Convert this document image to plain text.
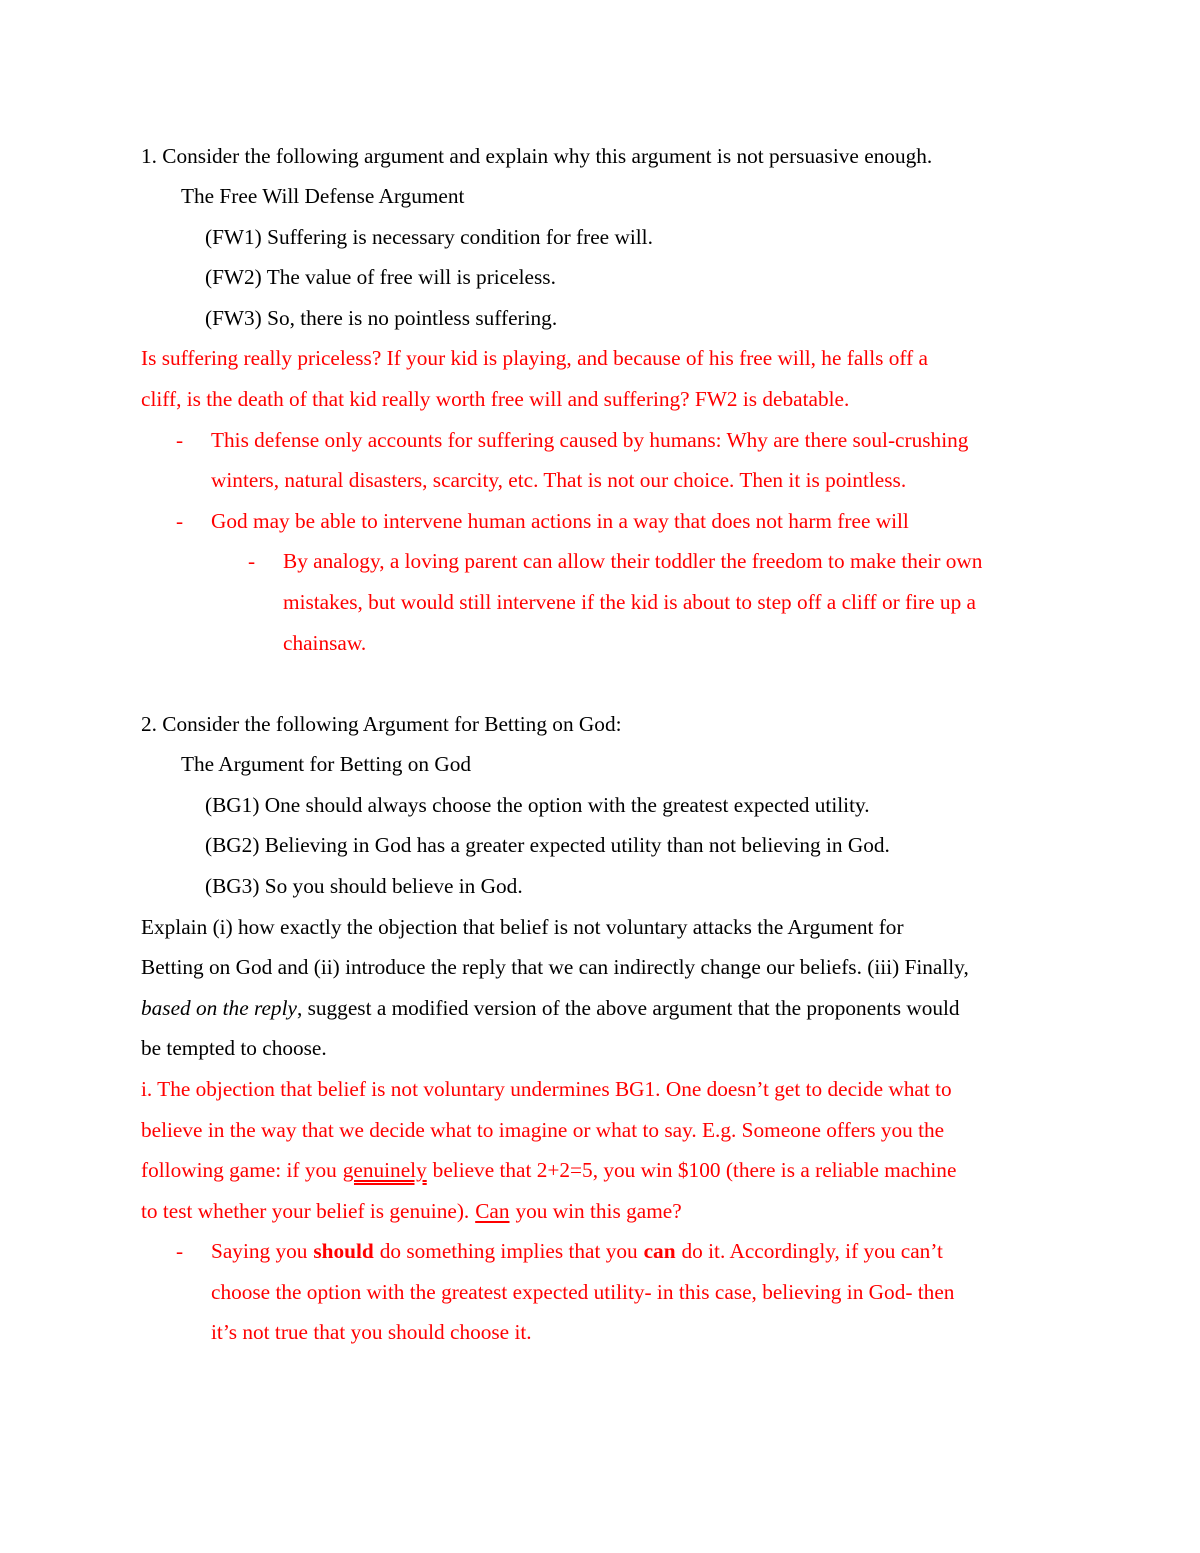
1. Consider the following argument and explain why this argument is not persuasive enough.
The Free Will Defense Argument
(FW1) Suffering is necessary condition for free will.
(FW2) The value of free will is priceless.
(FW3) So, there is no pointless suffering.
Is suffering really priceless? If your kid is playing, and because of his free will, he falls off a
cliff, is the death of that kid really worth free will and suffering? FW2 is debatable.
- This defense only accounts for suffering caused by humans: Why are there soul-crushing
winters, natural disasters, scarcity, etc. That is not our choice. Then it is pointless.
- God may be able to intervene human actions in a way that does not harm free will
- By analogy, a loving parent can allow their toddler the freedom to make their own
mistakes, but would still intervene if the kid is about to step off a cliff or fire up a
chainsaw.
2. Consider the following Argument for Betting on God:
The Argument for Betting on God
(BG1) One should always choose the option with the greatest expected utility.
(BG2) Believing in God has a greater expected utility than not believing in God.
(BG3) So you should believe in God.
Explain (i) how exactly the objection that belief is not voluntary attacks the Argument for
Betting on God and (ii) introduce the reply that we can indirectly change our beliefs. (iii) Finally,
based on the reply, suggest a modified version of the above argument that the proponents would
be tempted to choose.
i. The objection that belief is not voluntary undermines BG1. One doesn’t get to decide what to
believe in the way that we decide what to imagine or what to say. E.g. Someone offers you the
following game: if you genuinely believe that 2+2=5, you win $100 (there is a reliable machine
to test whether your belief is genuine). Can you win this game?
- Saying you should do something implies that you can do it. Accordingly, if you can’t
choose the option with the greatest expected utility- in this case, believing in God- then
it’s not true that you should choose it.
